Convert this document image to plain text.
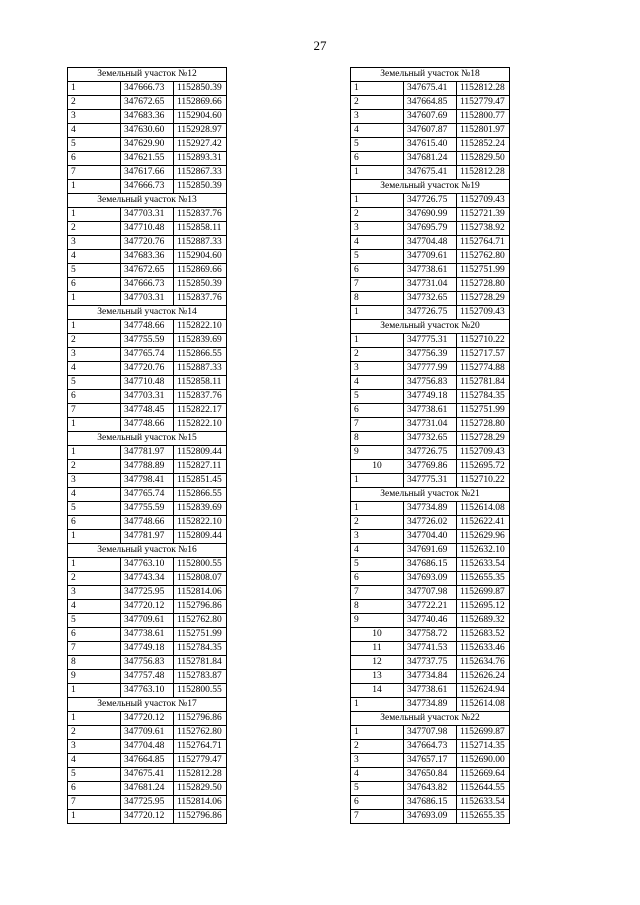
27
Земельный участок №12		
1	347666.73	1152850.39
2	347672.65	1152869.66
3	347683.36	1152904.60
4	347630.60	1152928.97
5	347629.90	1152927.42
6	347621.55	1152893.31
7	347617.66	1152867.33
1	347666.73	1152850.39
Земельный участок №13		
1	347703.31	1152837.76
2	347710.48	1152858.11
3	347720.76	1152887.33
4	347683.36	1152904.60
5	347672.65	1152869.66
6	347666.73	1152850.39
1	347703.31	1152837.76
Земельный участок №14		
1	347748.66	1152822.10
2	347755.59	1152839.69
3	347765.74	1152866.55
4	347720.76	1152887.33
5	347710.48	1152858.11
6	347703.31	1152837.76
7	347748.45	1152822.17
1	347748.66	1152822.10
Земельный участок №15		
1	347781.97	1152809.44
2	347788.89	1152827.11
3	347798.41	1152851.45
4	347765.74	1152866.55
5	347755.59	1152839.69
6	347748.66	1152822.10
1	347781.97	1152809.44
Земельный участок №16		
1	347763.10	1152800.55
2	347743.34	1152808.07
3	347725.95	1152814.06
4	347720.12	1152796.86
5	347709.61	1152762.80
6	347738.61	1152751.99
7	347749.18	1152784.35
8	347756.83	1152781.84
9	347757.48	1152783.87
1	347763.10	1152800.55
Земельный участок №17		
1	347720.12	1152796.86
2	347709.61	1152762.80
3	347704.48	1152764.71
4	347664.85	1152779.47
5	347675.41	1152812.28
6	347681.24	1152829.50
7	347725.95	1152814.06
1	347720.12	1152796.86
Земельный участок №18		
1	347675.41	1152812.28
2	347664.85	1152779.47
3	347607.69	1152800.77
4	347607.87	1152801.97
5	347615.40	1152852.24
6	347681.24	1152829.50
1	347675.41	1152812.28
Земельный участок №19		
1	347726.75	1152709.43
2	347690.99	1152721.39
3	347695.79	1152738.92
4	347704.48	1152764.71
5	347709.61	1152762.80
6	347738.61	1152751.99
7	347731.04	1152728.80
8	347732.65	1152728.29
1	347726.75	1152709.43
Земельный участок №20		
1	347775.31	1152710.22
2	347756.39	1152717.57
3	347777.99	1152774.88
4	347756.83	1152781.84
5	347749.18	1152784.35
6	347738.61	1152751.99
7	347731.04	1152728.80
8	347732.65	1152728.29
9	347726.75	1152709.43
10	347769.86	1152695.72
1	347775.31	1152710.22
Земельный участок №21		
1	347734.89	1152614.08
2	347726.02	1152622.41
3	347704.40	1152629.96
4	347691.69	1152632.10
5	347686.15	1152633.54
6	347693.09	1152655.35
7	347707.98	1152699.87
8	347722.21	1152695.12
9	347740.46	1152689.32
10	347758.72	1152683.52
11	347741.53	1152633.46
12	347737.75	1152634.76
13	347734.84	1152626.24
14	347738.61	1152624.94
1	347734.89	1152614.08
Земельный участок №22		
1	347707.98	1152699.87
2	347664.73	1152714.35
3	347657.17	1152690.00
4	347650.84	1152669.64
5	347643.82	1152644.55
6	347686.15	1152633.54
7	347693.09	1152655.35
